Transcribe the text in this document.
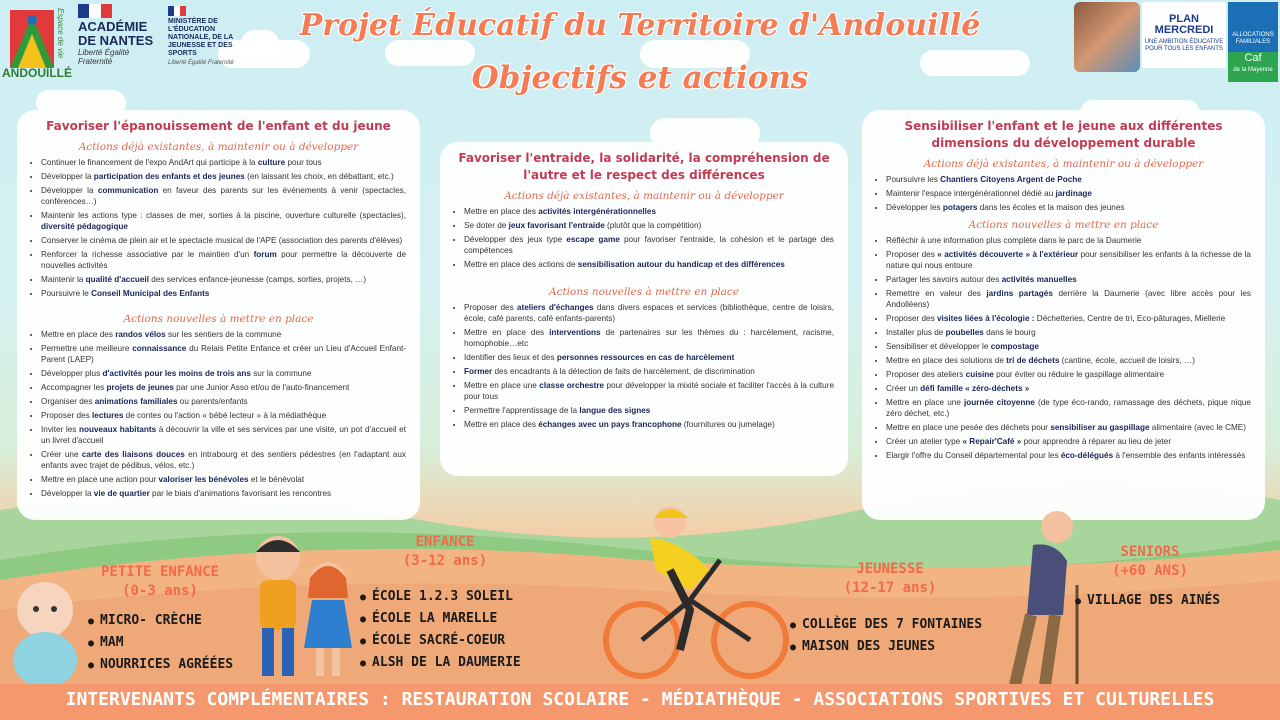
ANDOUILLÉ
Espace de vie ACADÉMIE DE NANTES
Liberté Égalité Fraternité
MINISTÈRE DE L'ÉDUCATION NATIONALE, DE LA JEUNESSE ET DES SPORTS
Liberté Égalité Fraternité
PLAN
MERCREDI
UNE AMBITION ÉDUCATIVE POUR TOUS LES ENFANTS
ALLOCATIONS FAMILIALES
Caf
de la Mayenne
Projet Éducatif du Territoire d'Andouillé
Objectifs et actions
Favoriser l'épanouissement de l'enfant et du jeune
Actions déjà existantes, à maintenir ou à développer
• Continuer le financement de l'expo AndArt qui participe à la culture pour tous
• Développer la participation des enfants et des jeunes (en laissant les choix, en débattant, etc.)
• Développer la communication en faveur des parents sur les événements à venir (spectacles, conférences…)
• Maintenir les actions type : classes de mer, sorties à la piscine, ouverture culturelle (spectacles), diversité pédagogique
• Conserver le cinéma de plein air et le spectacle musical de l'APE (association des parents d'élèves)
• Renforcer la richesse associative par le maintien d'un forum pour permettre la découverte de nouvelles activités
• Maintenir la qualité d'accueil des services enfance-jeunesse (camps, sorties, projets, …)
• Poursuivre le Conseil Municipal des Enfants
Actions nouvelles à mettre en place
• Mettre en place des randos vélos sur les sentiers de la commune
• Permettre une meilleure connaissance du Relais Petite Enfance et créer un Lieu d'Accueil Enfant-Parent (LAEP)
• Développer plus d'activités pour les moins de trois ans sur la commune
• Accompagner les projets de jeunes par une Junior Asso et/ou de l'auto-financement
• Organiser des animations familiales ou parents/enfants
• Proposer des lectures de contes ou l'action « bébé lecteur » à la médiathèque
• Inviter les nouveaux habitants à découvrir la ville et ses services par une visite, un pot d'accueil et un livret d'accueil
• Créer une carte des liaisons douces en intrabourg et des sentiers pédestres (en l'adaptant aux enfants avec trajet de pédibus, vélos, etc.)
• Mettre en place une action pour valoriser les bénévoles et le bénévolat
• Développer la vie de quartier par le biais d'animations favorisant les rencontres
Favoriser l'entraide, la solidarité, la compréhension de l'autre et le respect des différences
Actions déjà existantes, à maintenir ou à développer
• Mettre en place des activités intergénérationnelles
• Se doter de jeux favorisant l'entraide (plutôt que la compétition)
• Développer des jeux type escape game pour favoriser l'entraide, la cohésion et le partage des compétences
• Mettre en place des actions de sensibilisation autour du handicap et des différences
Actions nouvelles à mettre en place
• Proposer des ateliers d'échanges dans divers espaces et services (bibliothèque, centre de loisirs, école, café parents, café enfants-parents)
• Mettre en place des interventions de partenaires sur les thèmes du : harcèlement, racisme, homophobie…etc
• Identifier des lieux et des personnes ressources en cas de harcèlement
• Former des encadrants à la détection de faits de harcèlement, de discrimination
• Mettre en place une classe orchestre pour développer la mixité sociale et faciliter l'accès à la culture pour tous
• Permettre l'apprentissage de la langue des signes
• Mettre en place des échanges avec un pays francophone (fournitures ou jumelage)
Sensibiliser l'enfant et le jeune aux différentes dimensions du développement durable
Actions déjà existantes, à maintenir ou à développer
• Poursuivre les Chantiers Citoyens Argent de Poche
• Maintenir l'espace intergénérationnel dédié au jardinage
• Développer les potagers dans les écoles et la maison des jeunes
Actions nouvelles à mettre en place
• Réfléchir à une information plus complète dans le parc de la Daumerie
• Proposer des « activités découverte » à l'extérieur pour sensibiliser les enfants à la richesse de la nature qui nous entoure
• Partager les savoirs autour des activités manuelles
• Remettre en valeur des jardins partagés derrière la Daumerie (avec libre accès pour les Andolléens)
• Proposer des visites liées à l'écologie : Déchetteries, Centre de tri, Eco-pâturages, Miellerie
• Installer plus de poubelles dans le bourg
• Sensibiliser et développer le compostage
• Mettre en place des solutions de tri de déchets (cantine, école, accueil de loisirs, …)
• Proposer des ateliers cuisine pour éviter ou réduire le gaspillage alimentaire
• Créer un défi famille « zéro-déchets »
• Mettre en place une journée citoyenne (de type éco-rando, ramassage des déchets, pique nique zéro déchet, etc.)
• Mettre en place une pesée des déchets pour sensibiliser au gaspillage alimentaire (avec le CME)
• Créer un atelier type « Repair'Café » pour apprendre à réparer au lieu de jeter
• Elargir l'offre du Conseil départemental pour les éco-délégués à l'ensemble des enfants intéressés
PETITE ENFANCE
(0-3 ans)
● MICRO- CRÈCHE
● MAM
● NOURRICES AGRÉÉES
ENFANCE
(3-12 ans)
● ÉCOLE 1.2.3 SOLEIL
● ÉCOLE LA MARELLE
● ÉCOLE SACRÉ-COEUR
● ALSH DE LA DAUMERIE
JEUNESSE
(12-17 ans)
● COLLÈGE DES 7 FONTAINES
● MAISON DES JEUNES
SENIORS
(+60 ANS)
● VILLAGE DES AINÉS
INTERVENANTS COMPLÉMENTAIRES : RESTAURATION SCOLAIRE - MÉDIATHÈQUE - ASSOCIATIONS SPORTIVES ET CULTURELLES
